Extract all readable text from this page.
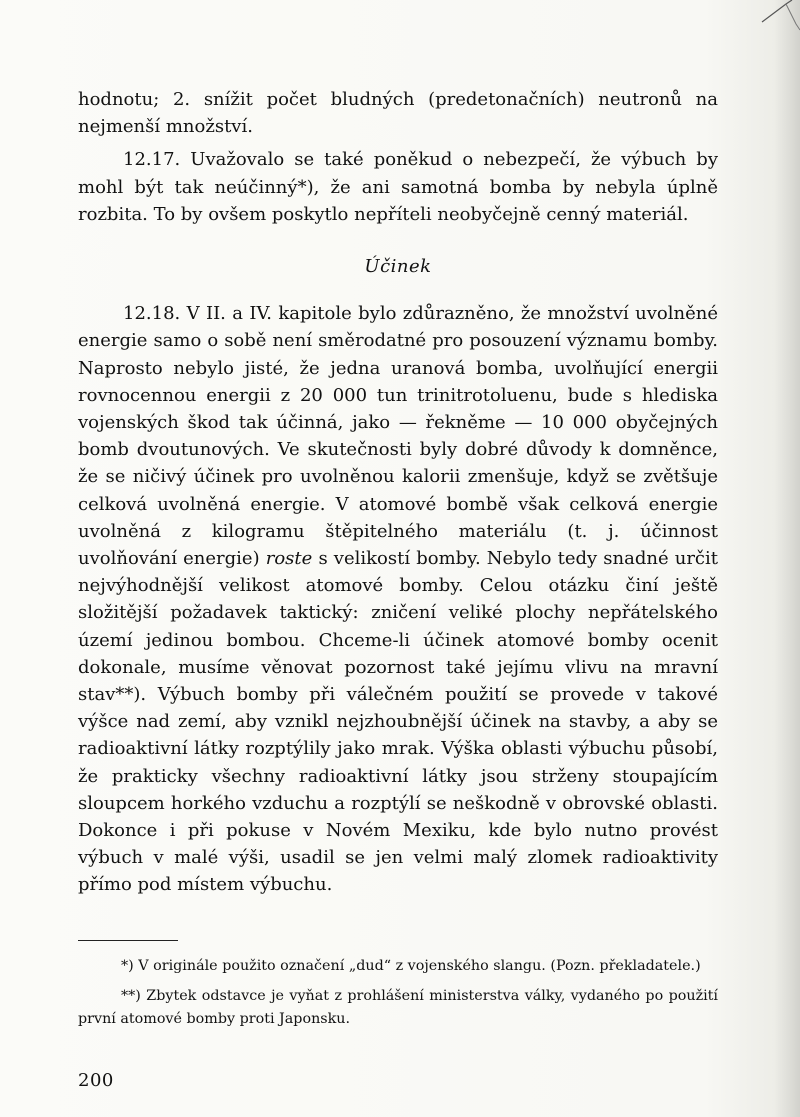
hodnotu; 2. snížit počet bludných (predetonačních) neutronů na nejmenší množství.

12.17. Uvažovalo se také poněkud o nebezpečí, že výbuch by mohl být tak neúčinný*), že ani samotná bomba by nebyla úplně rozbita. To by ovšem poskytlo nepříteli neobyčejně cenný materiál.

Účinek

12.18. V II. a IV. kapitole bylo zdůrazněno, že množství uvolněné energie samo o sobě není směrodatné pro posouzení významu bomby. Naprosto nebylo jisté, že jedna uranová bomba, uvolňující energii rovnocennou energii z 20 000 tun trinitrotoluenu, bude s hlediska vojenských škod tak účinná, jako — řekněme — 10 000 obyčejných bomb dvoutunových. Ve skutečnosti byly dobré důvody k domněnce, že se ničivý účinek pro uvolněnou kalorii zmenšuje, když se zvětšuje celková uvolněná energie. V atomové bombě však celková energie uvolněná z kilogramu štěpitelného materiálu (t. j. účinnost uvolňování energie) roste s velikostí bomby. Nebylo tedy snadné určit nejvýhodnější velikost atomové bomby. Celou otázku činí ještě složitější požadavek taktický: zničení veliké plochy nepřátelského území jedinou bombou. Chceme-li účinek atomové bomby ocenit dokonale, musíme věnovat pozornost také jejímu vlivu na mravní stav**). Výbuch bomby při válečném použití se provede v takové výšce nad zemí, aby vznikl nejzhoubnější účinek na stavby, a aby se radioaktivní látky rozptýlily jako mrak. Výška oblasti výbuchu působí, že prakticky všechny radioaktivní látky jsou strženy stoupajícím sloupcem horkého vzduchu a rozptýlí se neškodně v obrovské oblasti. Dokonce i při pokuse v Novém Mexiku, kde bylo nutno provést výbuch v malé výši, usadil se jen velmi malý zlomek radioaktivity přímo pod místem výbuchu.

*) V originále použito označení „dud“ z vojenského slangu. (Pozn. překladatele.)

**) Zbytek odstavce je vyňat z prohlášení ministerstva války, vydaného po použití první atomové bomby proti Japonsku.

200
